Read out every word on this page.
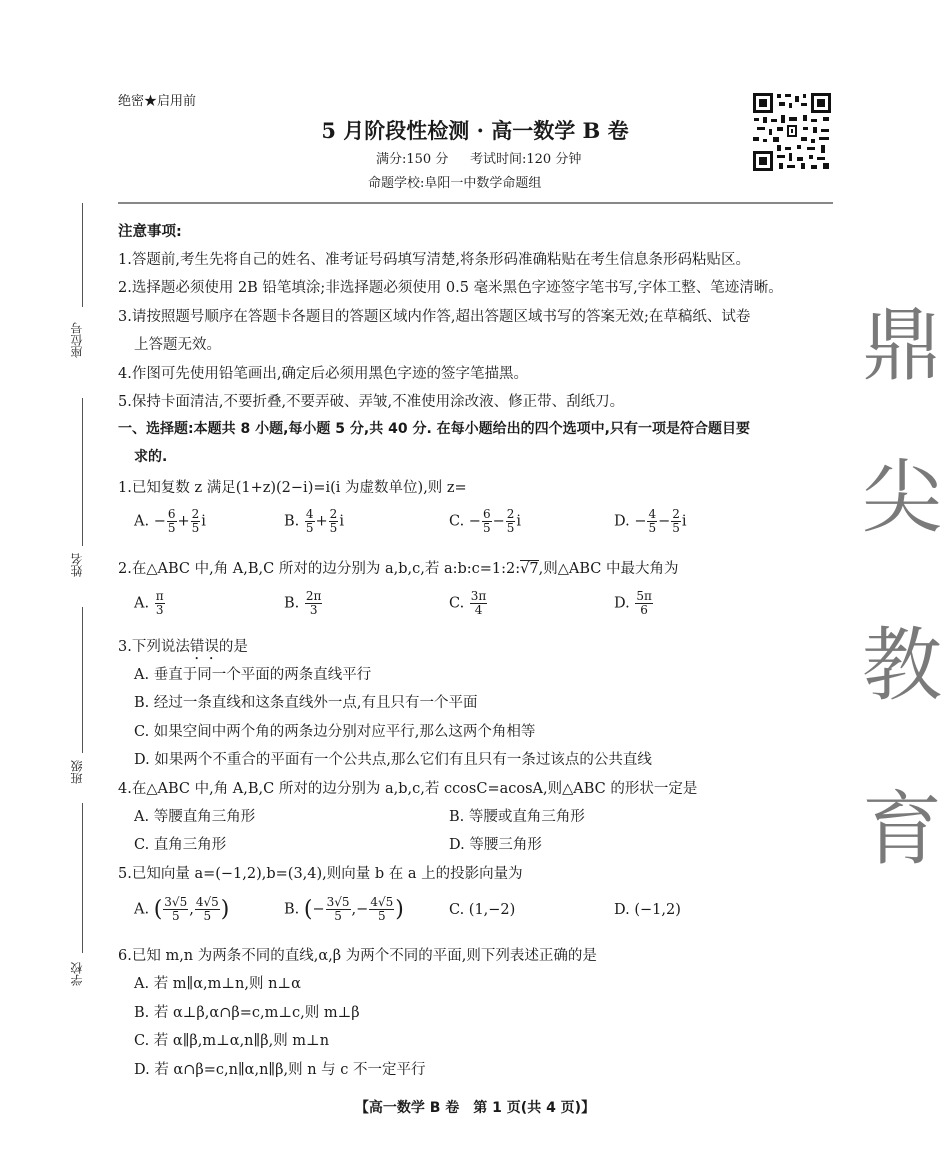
绝密★启用前
5 月阶段性检测 · 高一数学 B 卷
满分:150 分 考试时间:120 分钟
命题学校:阜阳一中数学命题组
座位号
姓名
班级
学校
鼎
尖
教
育
注意事项:
1.答题前,考生先将自己的姓名、准考证号码填写清楚,将条形码准确粘贴在考生信息条形码粘贴区。
2.选择题必须使用 2B 铅笔填涂;非选择题必须使用 0.5 毫米黑色字迹签字笔书写,字体工整、笔迹清晰。
3.请按照题号顺序在答题卡各题目的答题区域内作答,超出答题区域书写的答案无效;在草稿纸、试卷
上答题无效。
4.作图可先使用铅笔画出,确定后必须用黑色字迹的签字笔描黑。
5.保持卡面清洁,不要折叠,不要弄破、弄皱,不准使用涂改液、修正带、刮纸刀。
一、选择题:本题共 8 小题,每小题 5 分,共 40 分. 在每小题给出的四个选项中,只有一项是符合题目要
求的.
1.已知复数 z 满足(1+z)(2−i)=i(i 为虚数单位),则 z=
A. − $\frac{6}{5} + \frac{2}{5}$ i	B. $\frac{4}{5} + \frac{2}{5}$ i	C. − $\frac{6}{5} - \frac{2}{5}$ i	D. − $\frac{4}{5} - \frac{2}{5}$ i
2.在△ABC 中,角 A,B,C 所对的边分别为 a,b,c,若 a:b:c=1:2:√7,则△ABC 中最大角为
A. $\frac{\pi}{3}$	B. $\frac{2\pi}{3}$	C. $\frac{3\pi}{4}$	D. $\frac{5\pi}{6}$
3.下列说法错误的是
A. 垂直于同一个平面的两条直线平行
B. 经过一条直线和这条直线外一点,有且只有一个平面
C. 如果空间中两个角的两条边分别对应平行,那么这两个角相等
D. 如果两个不重合的平面有一个公共点,那么它们有且只有一条过该点的公共直线
4.在△ABC 中,角 A,B,C 所对的边分别为 a,b,c,若 ccosC=acosA,则△ABC 的形状一定是
A. 等腰直角三角形	B. 等腰或直角三角形
C. 直角三角形	D. 等腰三角形
5.已知向量 a=(−1,2),b=(3,4),则向量 b 在 a 上的投影向量为
A. ( $\frac{3√5}{5}$ , $\frac{4√5}{5}$ )	B. (− $\frac{3√5}{5}$ ,− $\frac{4√5}{5}$ )	C. (1,−2)	D. (−1,2)
6.已知 m,n 为两条不同的直线,α,β 为两个不同的平面,则下列表述正确的是
A. 若 m∥α,m⊥n,则 n⊥α
B. 若 α⊥β,α∩β=c,m⊥c,则 m⊥β
C. 若 α∥β,m⊥α,n∥β,则 m⊥n
D. 若 α∩β=c,n∥α,n∥β,则 n 与 c 不一定平行
【高一数学 B 卷　第 1 页(共 4 页)】
